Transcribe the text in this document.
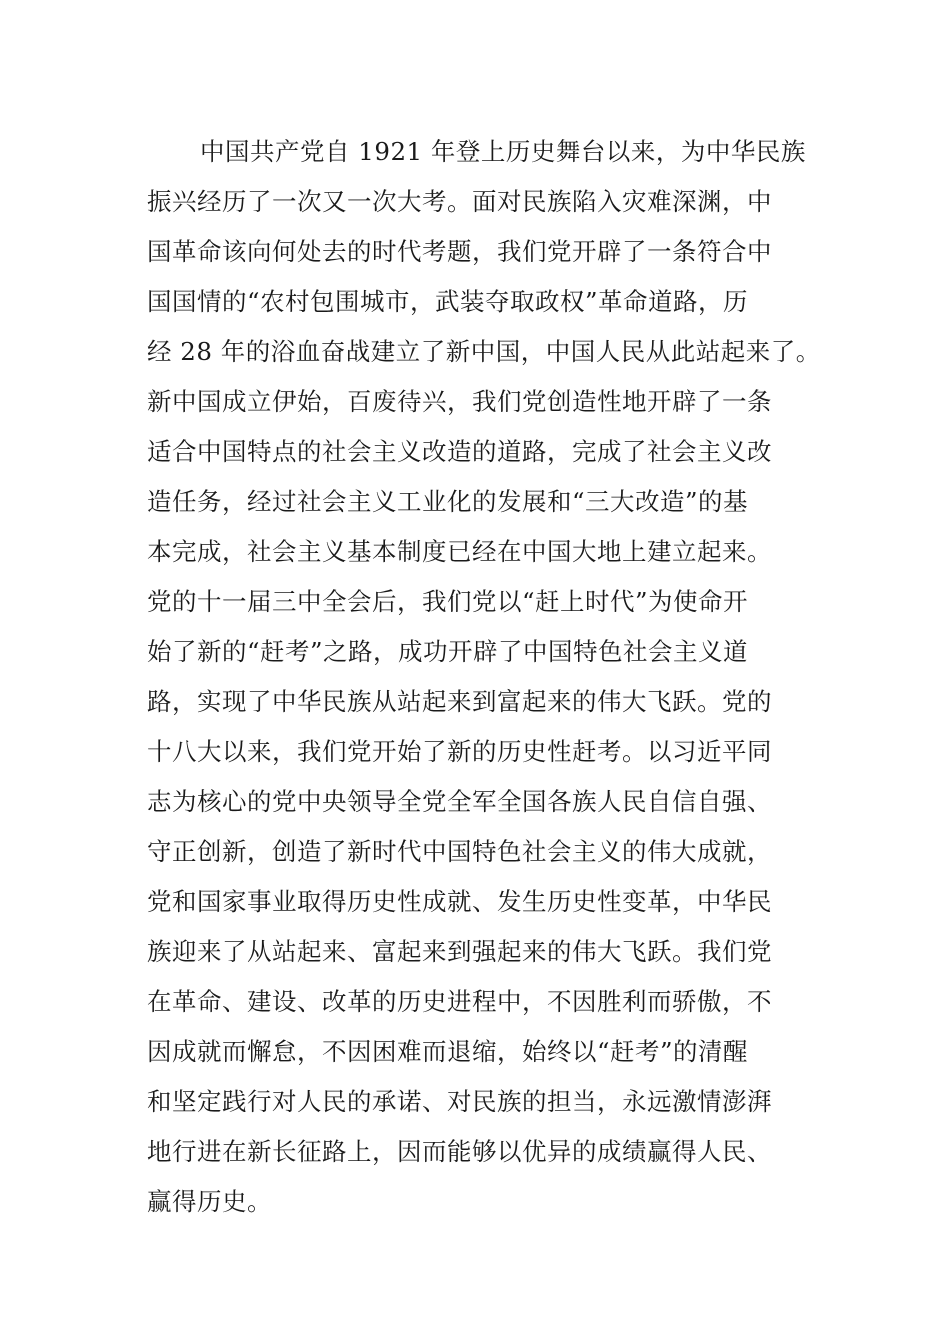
中国共产党自 1921 年登上历史舞台以来，为中华民族
振兴经历了一次又一次大考。面对民族陷入灾难深渊，中
国革命该向何处去的时代考题，我们党开辟了一条符合中
国国情的“农村包围城市，武装夺取政权”革命道路，历
经 28 年的浴血奋战建立了新中国，中国人民从此站起来了。
新中国成立伊始，百废待兴，我们党创造性地开辟了一条
适合中国特点的社会主义改造的道路，完成了社会主义改
造任务，经过社会主义工业化的发展和“三大改造”的基
本完成，社会主义基本制度已经在中国大地上建立起来。
党的十一届三中全会后，我们党以“赶上时代”为使命开
始了新的“赶考”之路，成功开辟了中国特色社会主义道
路，实现了中华民族从站起来到富起来的伟大飞跃。党的
十八大以来，我们党开始了新的历史性赶考。以习近平同
志为核心的党中央领导全党全军全国各族人民自信自强、
守正创新，创造了新时代中国特色社会主义的伟大成就，
党和国家事业取得历史性成就、发生历史性变革，中华民
族迎来了从站起来、富起来到强起来的伟大飞跃。我们党
在革命、建设、改革的历史进程中，不因胜利而骄傲，不
因成就而懈怠，不因困难而退缩，始终以“赶考”的清醒
和坚定践行对人民的承诺、对民族的担当，永远激情澎湃
地行进在新长征路上，因而能够以优异的成绩赢得人民、
赢得历史。
